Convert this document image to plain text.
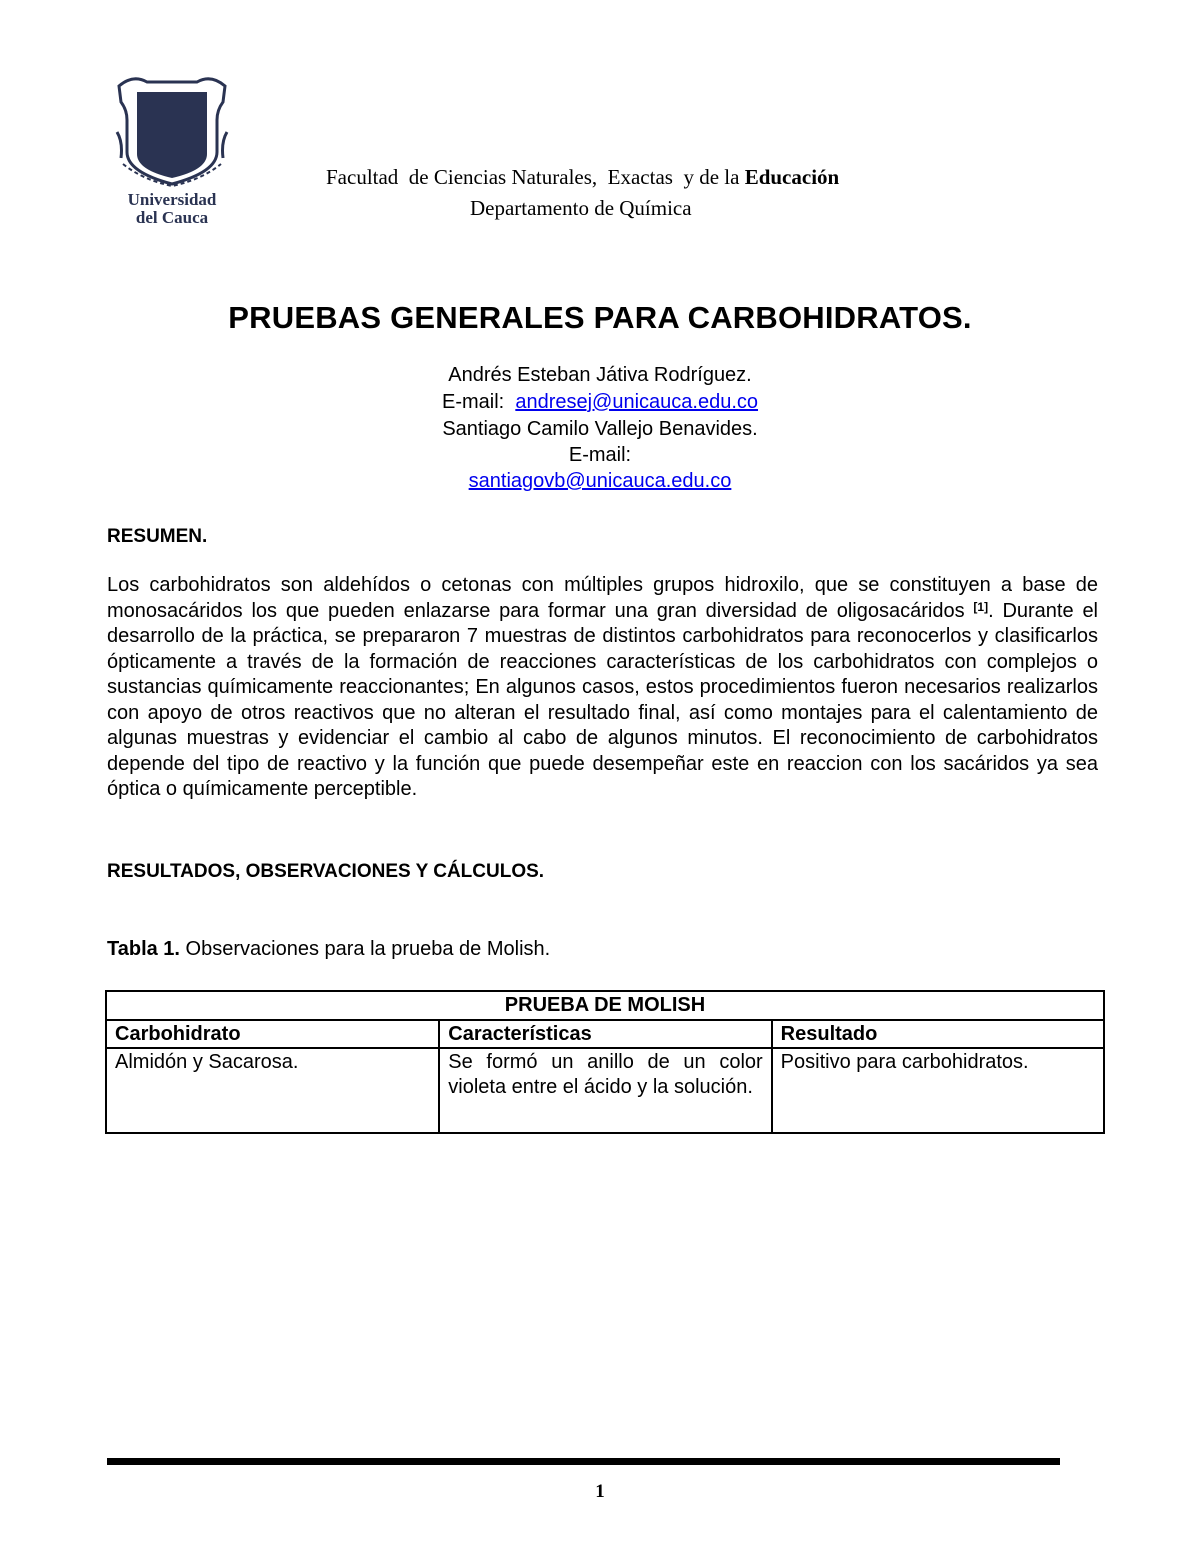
Universidad
del Cauca
Facultad  de Ciencias Naturales,  Exactas  y de la Educación
Departamento de Química
PRUEBAS GENERALES PARA CARBOHIDRATOS.
Andrés Esteban Játiva Rodríguez.
E-mail:  andresej@unicauca.edu.co
Santiago Camilo Vallejo Benavides.
E-mail:
santiagovb@unicauca.edu.co
RESUMEN.
Los carbohidratos son aldehídos o cetonas con múltiples grupos hidroxilo, que se constituyen a base de monosacáridos los que pueden enlazarse para formar una gran diversidad de oligosacáridos [1]. Durante el desarrollo de la práctica, se prepararon 7 muestras de distintos carbohidratos para reconocerlos y clasificarlos ópticamente a través de la formación de reacciones características de los carbohidratos con complejos o sustancias químicamente reaccionantes; En algunos casos, estos procedimientos fueron necesarios realizarlos con apoyo de otros reactivos que no alteran el resultado final, así como montajes para el calentamiento de algunas muestras y evidenciar el cambio al cabo de algunos minutos. El reconocimiento de carbohidratos depende del tipo de reactivo y la función que puede desempeñar este en reaccion con los sacáridos ya sea óptica o químicamente perceptible.
RESULTADOS, OBSERVACIONES Y CÁLCULOS.
Tabla 1. Observaciones para la prueba de Molish.
PRUEBA DE MOLISH		
Carbohidrato	Características	Resultado
Almidón y Sacarosa.	Se formó un anillo de un color violeta entre el ácido y la solución.	Positivo para carbohidratos.
1
